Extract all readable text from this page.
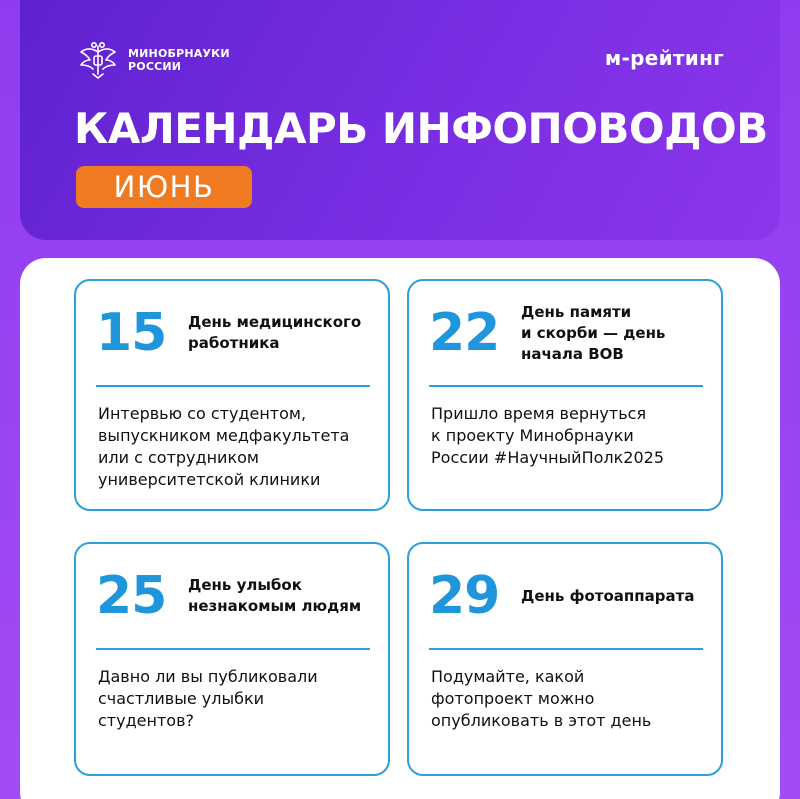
МИНОБРНАУКИ
РОССИИ	м-рейтинг
КАЛЕНДАРЬ ИНФОПОВОДОВ
ИЮНЬ
15	День медицинского
работника
Интервью со студентом,
выпускником медфакультета
или с сотрудником
университетской клиники
22	День памяти
и скорби — день
начала ВОВ
Пришло время вернуться
к проекту Минобрнауки
России #НаучныйПолк2025
25	День улыбок
незнакомым людям
Давно ли вы публиковали
счастливые улыбки
студентов?
29	День фотоаппарата
Подумайте, какой
фотопроект можно
опубликовать в этот день
